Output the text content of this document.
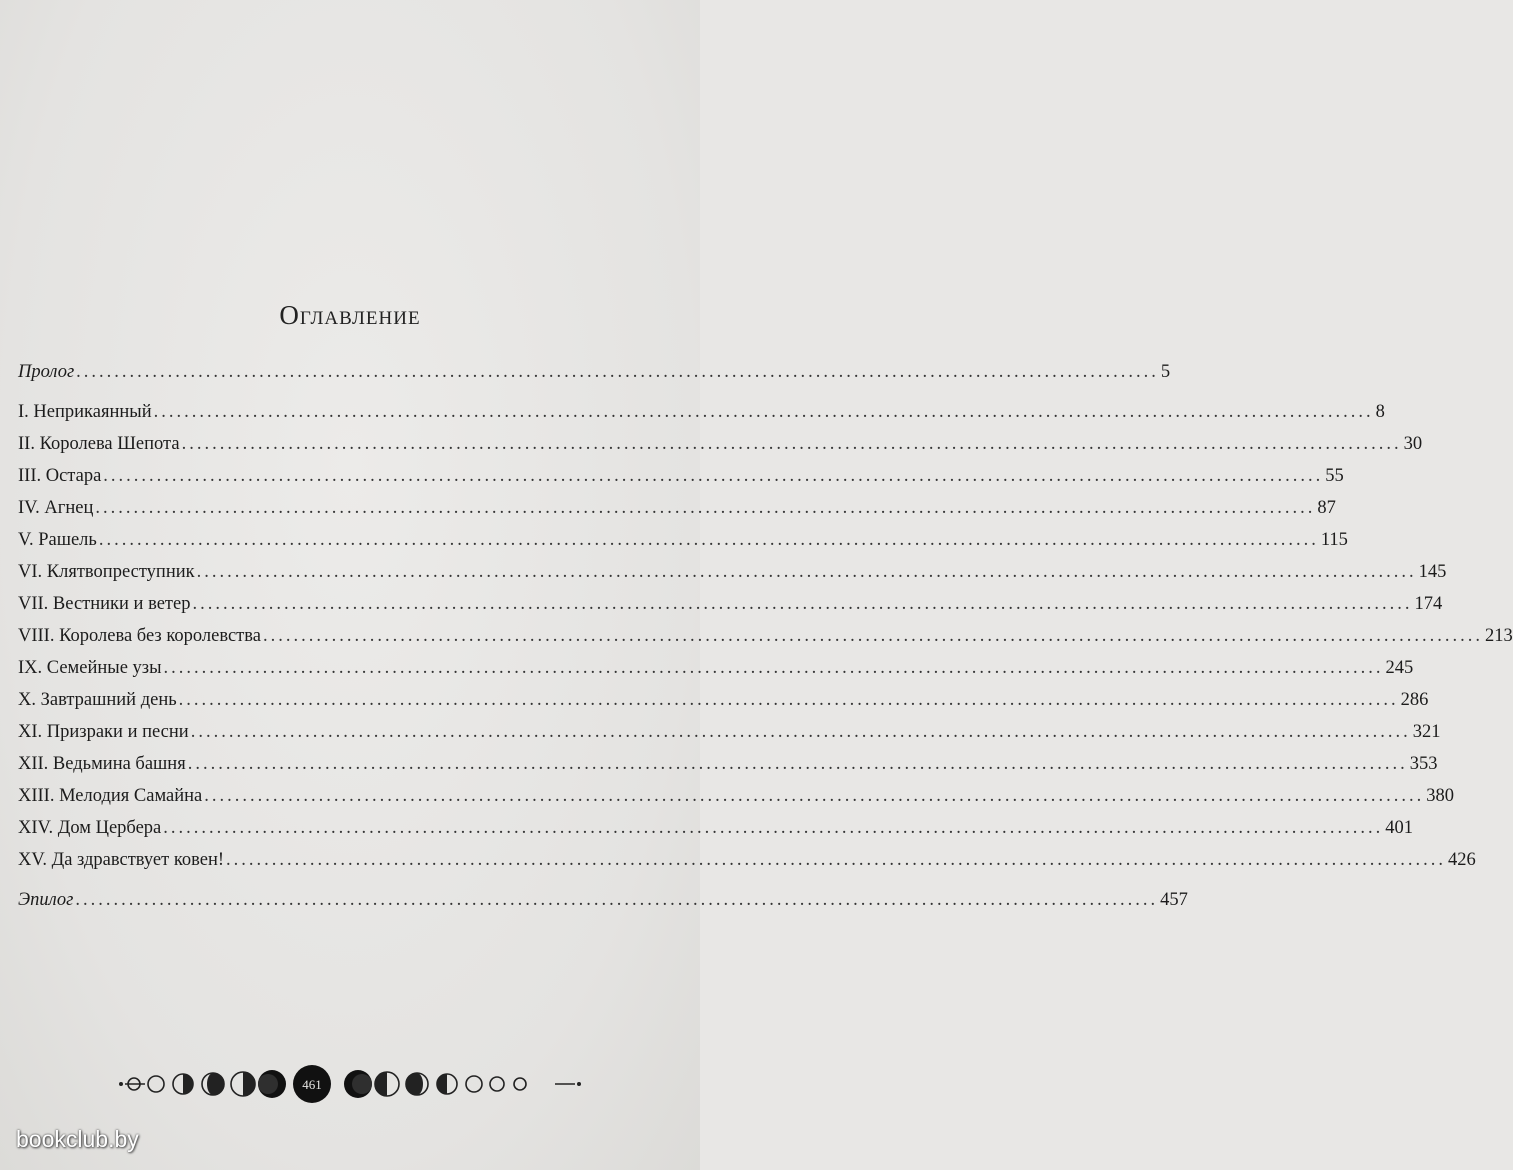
Оглавление
Пролог .............................................................................................................................................. 5
I. Неприкаянный ................................................................................................................................................................ 8
II. Королева Шепота ................................................................................................................................................................ 30
III. Остара ................................................................................................................................................................ 55
IV. Агнец ................................................................................................................................................................ 87
V. Рашель ................................................................................................................................................................ 115
VI. Клятвопреступник ................................................................................................................................................................ 145
VII. Вестники и ветер ................................................................................................................................................................ 174
VIII. Королева без королевства ................................................................................................................................................................ 213
IX. Семейные узы ................................................................................................................................................................ 245
X. Завтрашний день ................................................................................................................................................................ 286
XI. Призраки и песни ................................................................................................................................................................ 321
XII. Ведьмина башня ................................................................................................................................................................ 353
XIII. Мелодия Самайна ................................................................................................................................................................ 380
XIV. Дом Цербера ................................................................................................................................................................ 401
XV. Да здравствует ковен! ................................................................................................................................................................ 426
Эпилог .............................................................................................................................................. 457
461
bookclub.by
